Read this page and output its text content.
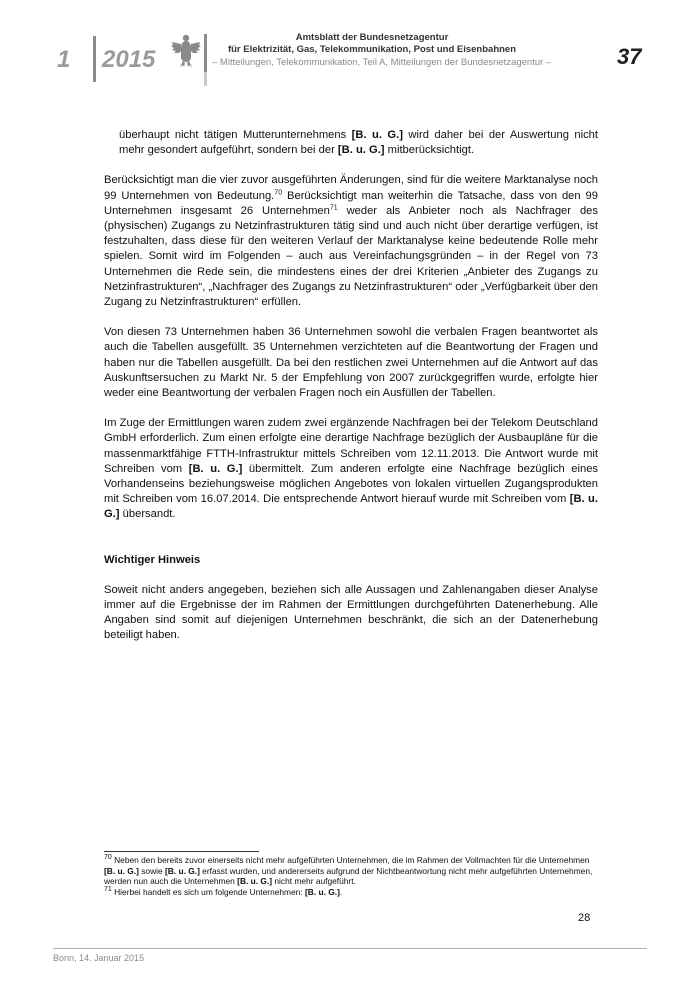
1 2015
Amtsblatt der Bundesnetzagentur
für Elektrizität, Gas, Telekommunikation, Post und Eisenbahnen
– Mitteilungen, Telekommunikation, Teil A, Mitteilungen der Bundesnetzagentur –	37

überhaupt nicht tätigen Mutterunternehmens [B. u. G.] wird daher bei der Auswertung nicht mehr gesondert aufgeführt, sondern bei der [B. u. G.] mitberücksichtigt.

Berücksichtigt man die vier zuvor ausgeführten Änderungen, sind für die weitere Marktanalyse noch 99 Unternehmen von Bedeutung.$^{70}$ Berücksichtigt man weiterhin die Tatsache, dass von den 99 Unternehmen insgesamt 26 Unternehmen$^{71}$ weder als Anbieter noch als Nachfrager des (physischen) Zugangs zu Netzinfrastrukturen tätig sind und auch nicht über derartige verfügen, ist festzuhalten, dass diese für den weiteren Verlauf der Marktanalyse keine bedeutende Rolle mehr spielen. Somit wird im Folgenden – auch aus Vereinfachungsgründen – in der Regel von 73 Unternehmen die Rede sein, die mindestens eines der drei Kriterien „Anbieter des Zugangs zu Netzinfrastrukturen“, „Nachfrager des Zugangs zu Netzinfrastrukturen“ oder „Verfügbarkeit über den Zugang zu Netzinfrastrukturen“ erfüllen.

Von diesen 73 Unternehmen haben 36 Unternehmen sowohl die verbalen Fragen beantwortet als auch die Tabellen ausgefüllt. 35 Unternehmen verzichteten auf die Beantwortung der Fragen und haben nur die Tabellen ausgefüllt. Da bei den restlichen zwei Unternehmen auf die Antwort auf das Auskunftsersuchen zu Markt Nr. 5 der Empfehlung von 2007 zurückgegriffen wurde, erfolgte hier weder eine Beantwortung der verbalen Fragen noch ein Ausfüllen der Tabellen.

Im Zuge der Ermittlungen waren zudem zwei ergänzende Nachfragen bei der Telekom Deutschland GmbH erforderlich. Zum einen erfolgte eine derartige Nachfrage bezüglich der Ausbaupläne für die massenmarktfähige FTTH-Infrastruktur mittels Schreiben vom 12.11.2013. Die Antwort wurde mit Schreiben vom [B. u. G.] übermittelt. Zum anderen erfolgte eine Nachfrage bezüglich eines Vorhandenseins beziehungsweise möglichen Angebotes von lokalen virtuellen Zugangsprodukten mit Schreiben vom 16.07.2014. Die entsprechende Antwort hierauf wurde mit Schreiben vom [B. u. G.] übersandt.

Wichtiger Hinweis

Soweit nicht anders angegeben, beziehen sich alle Aussagen und Zahlenangaben dieser Analyse immer auf die Ergebnisse der im Rahmen der Ermittlungen durchgeführten Datenerhebung. Alle Angaben sind somit auf diejenigen Unternehmen beschränkt, die sich an der Datenerhebung beteiligt haben.

$^{70}$ Neben den bereits zuvor einerseits nicht mehr aufgeführten Unternehmen, die im Rahmen der Vollmachten für die Unternehmen [B. u. G.] sowie [B. u. G.] erfasst wurden, und andererseits aufgrund der Nichtbeantwortung nicht mehr aufgeführten Unternehmen, werden nun auch die Unternehmen [B. u. G.] nicht mehr aufgeführt.

$^{71}$ Hierbei handelt es sich um folgende Unternehmen: [B. u. G.].

28
Bonn, 14. Januar 2015
